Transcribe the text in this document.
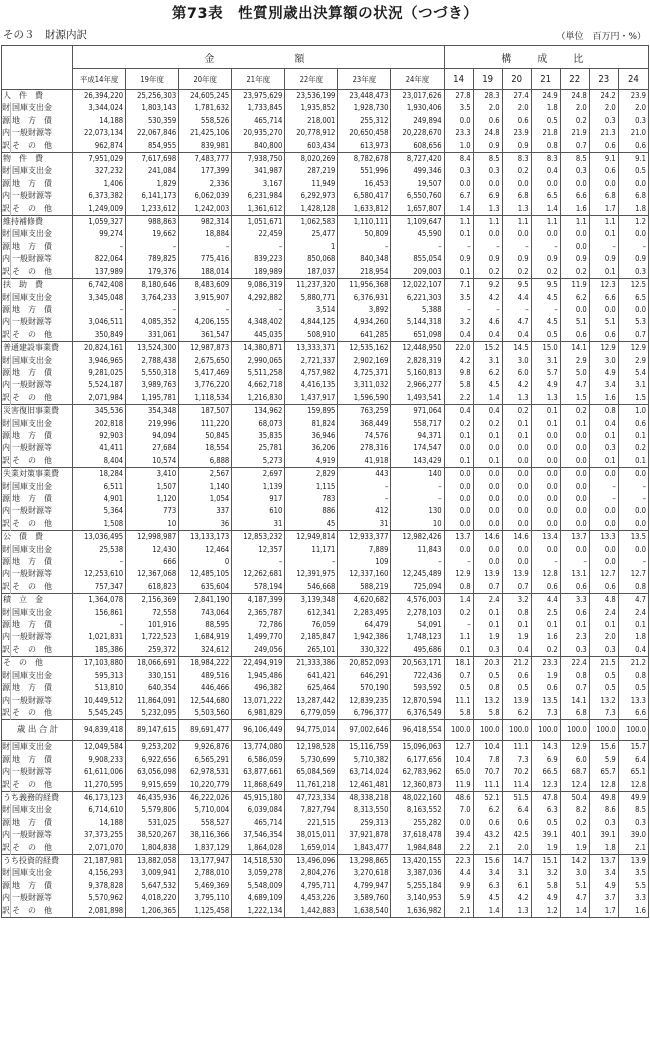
第73表　性質別歳出決算額の状況（つづき）
その３　財源内訳	（単位　百万円・%）
		金　　　　額							構　成　比						
		平成14年度	19年度	20年度	21年度	22年度	23年度	24年度	14	19	20	21	22	23	24
人　件　費		26,394,220	25,256,303	24,605,245	23,975,629	23,536,199	23,448,473	23,017,626	27.8	28.3	27.4	24.9	24.8	24.2	23.9
財	国庫支出金	3,344,024	1,803,143	1,781,632	1,733,845	1,935,852	1,928,730	1,930,406	3.5	2.0	2.0	1.8	2.0	2.0	2.0
源	地　方　債	14,188	530,359	558,526	465,714	218,001	255,312	249,894	0.0	0.6	0.6	0.5	0.2	0.3	0.3
内	一般財源等	22,073,134	22,067,846	21,425,106	20,935,270	20,778,912	20,650,458	20,228,670	23.3	24.8	23.9	21.8	21.9	21.3	21.0
訳	そ　の　他	962,874	854,955	839,981	840,800	603,434	613,973	608,656	1.0	0.9	0.9	0.8	0.7	0.6	0.6
物　件　費		7,951,029	7,617,698	7,483,777	7,938,750	8,020,269	8,782,678	8,727,420	8.4	8.5	8.3	8.3	8.5	9.1	9.1
財	国庫支出金	327,232	241,084	177,399	341,987	287,219	551,996	499,346	0.3	0.3	0.2	0.4	0.3	0.6	0.5
源	地　方　債	1,406	1,829	2,336	3,167	11,949	16,453	19,507	0.0	0.0	0.0	0.0	0.0	0.0	0.0
内	一般財源等	6,373,382	6,141,173	6,062,039	6,231,984	6,292,973	6,580,417	6,550,760	6.7	6.9	6.8	6.5	6.6	6.8	6.8
訳	そ　の　他	1,249,009	1,233,612	1,242,003	1,361,612	1,428,128	1,633,812	1,657,807	1.4	1.3	1.3	1.4	1.6	1.7	1.8
維持補修費		1,059,327	988,863	982,314	1,051,671	1,062,583	1,110,111	1,109,647	1.1	1.1	1.1	1.1	1.1	1.1	1.2
財	国庫支出金	99,274	19,662	18,884	22,459	25,477	50,809	45,590	0.1	0.0	0.0	0.0	0.0	0.1	0.0
源	地　方　債	–	–	–	–	1	–	–	–	–	–	–	0.0	–	–
内	一般財源等	822,064	789,825	775,416	839,223	850,068	840,348	855,054	0.9	0.9	0.9	0.9	0.9	0.9	0.9
訳	そ　の　他	137,989	179,376	188,014	189,989	187,037	218,954	209,003	0.1	0.2	0.2	0.2	0.2	0.1	0.3
扶　助　費		6,742,408	8,180,646	8,483,609	9,086,319	11,237,320	11,956,368	12,022,107	7.1	9.2	9.5	9.5	11.9	12.3	12.5
財	国庫支出金	3,345,048	3,764,233	3,915,907	4,292,882	5,880,771	6,376,931	6,221,303	3.5	4.2	4.4	4.5	6.2	6.6	6.5
源	地　方　債	–	–	–	–	3,514	3,892	5,388	–	–	–	–	0.0	0.0	0.0
内	一般財源等	3,046,511	4,085,352	4,206,155	4,348,402	4,844,125	4,934,260	5,144,318	3.2	4.6	4.7	4.5	5.1	5.1	5.3
訳	そ　の　他	350,849	331,061	361,547	445,035	508,910	641,285	651,098	0.4	0.4	0.4	0.5	0.6	0.6	0.7
普通建設事業費		20,824,161	13,524,300	12,987,873	14,380,871	13,333,371	12,535,162	12,448,950	22.0	15.2	14.5	15.0	14.1	12.9	12.9
財	国庫支出金	3,946,965	2,788,438	2,675,650	2,990,065	2,721,337	2,902,169	2,828,319	4.2	3.1	3.0	3.1	2.9	3.0	2.9
源	地　方　債	9,281,025	5,550,318	5,417,469	5,511,258	4,757,982	4,725,371	5,160,813	9.8	6.2	6.0	5.7	5.0	4.9	5.4
内	一般財源等	5,524,187	3,989,763	3,776,220	4,662,718	4,416,135	3,311,032	2,966,277	5.8	4.5	4.2	4.9	4.7	3.4	3.1
訳	そ　の　他	2,071,984	1,195,781	1,118,534	1,216,830	1,437,917	1,596,590	1,493,541	2.2	1.4	1.3	1.3	1.5	1.6	1.5
災害復旧事業費		345,536	354,348	187,507	134,962	159,895	763,259	971,064	0.4	0.4	0.2	0.1	0.2	0.8	1.0
財	国庫支出金	202,818	219,996	111,220	68,073	81,824	368,449	558,717	0.2	0.2	0.1	0.1	0.1	0.4	0.6
源	地　方　債	92,903	94,094	50,845	35,835	36,946	74,576	94,371	0.1	0.1	0.1	0.0	0.0	0.1	0.1
内	一般財源等	41,411	27,684	18,554	25,781	36,206	278,316	174,547	0.0	0.0	0.0	0.0	0.0	0.3	0.2
訳	そ　の　他	8,404	10,574	6,888	5,273	4,919	41,918	143,429	0.1	0.1	0.0	0.0	0.0	0.1	0.1
失業対策事業費		18,284	3,410	2,567	2,697	2,829	443	140	0.0	0.0	0.0	0.0	0.0	0.0	0.0
財	国庫支出金	6,511	1,507	1,140	1,139	1,115	–	–	0.0	0.0	0.0	0.0	0.0	–	–
源	地　方　債	4,901	1,120	1,054	917	783	–	–	0.0	0.0	0.0	0.0	0.0	–	–
内	一般財源等	5,364	773	337	610	886	412	130	0.0	0.0	0.0	0.0	0.0	0.0	0.0
訳	そ　の　他	1,508	10	36	31	45	31	10	0.0	0.0	0.0	0.0	0.0	0.0	0.0
公　債　費		13,036,495	12,998,987	13,133,173	12,853,232	12,949,814	12,933,377	12,982,426	13.7	14.6	14.6	13.4	13.7	13.3	13.5
財	国庫支出金	25,538	12,430	12,464	12,357	11,171	7,889	11,843	0.0	0.0	0.0	0.0	0.0	0.0	0.0
源	地　方　債	–	666	0	–	–	109	–	–	0.0	0.0	–	–	0.0	–
内	一般財源等	12,253,610	12,367,068	12,485,105	12,262,681	12,391,975	12,337,160	12,245,489	12.9	13.9	13.9	12.8	13.1	12.7	12.7
訳	そ　の　他	757,347	618,823	635,604	578,194	546,668	588,219	725,094	0.8	0.7	0.7	0.6	0.6	0.6	0.8
積　立　金		1,364,078	2,156,369	2,841,190	4,187,399	3,139,348	4,620,682	4,576,003	1.4	2.4	3.2	4.4	3.3	4.8	4.7
財	国庫支出金	156,861	72,558	743,064	2,365,787	612,341	2,283,495	2,278,103	0.2	0.1	0.8	2.5	0.6	2.4	2.4
源	地　方　債	–	101,916	88,595	72,786	76,059	64,479	54,091	–	0.1	0.1	0.1	0.1	0.1	0.1
内	一般財源等	1,021,831	1,722,523	1,684,919	1,499,770	2,185,847	1,942,386	1,748,123	1.1	1.9	1.9	1.6	2.3	2.0	1.8
訳	そ　の　他	185,386	259,372	324,612	249,056	265,101	330,322	495,686	0.1	0.3	0.4	0.2	0.3	0.3	0.4
そ　の　他		17,103,880	18,066,691	18,984,222	22,494,919	21,333,386	20,852,093	20,563,171	18.1	20.3	21.2	23.3	22.4	21.5	21.2
財	国庫支出金	595,313	330,151	489,516	1,945,486	641,421	646,291	722,436	0.7	0.5	0.6	1.9	0.8	0.5	0.8
源	地　方　債	513,810	640,354	446,466	496,382	625,464	570,190	593,592	0.5	0.8	0.5	0.6	0.7	0.5	0.5
内	一般財源等	10,449,512	11,864,091	12,544,680	13,071,222	13,287,442	12,839,235	12,870,594	11.1	13.2	13.9	13.5	14.1	13.2	13.3
訳	そ　の　他	5,545,245	5,232,095	5,503,560	6,981,829	6,779,059	6,796,377	6,376,549	5.8	5.8	6.2	7.3	6.8	7.3	6.6
歳 出 合 計		94,839,418	89,147,615	89,691,477	96,106,449	94,775,014	97,002,646	96,418,554	100.0	100.0	100.0	100.0	100.0	100.0	100.0
財	国庫支出金	12,049,584	9,253,202	9,926,876	13,774,080	12,198,528	15,116,759	15,096,063	12.7	10.4	11.1	14.3	12.9	15.6	15.7
源	地　方　債	9,908,233	6,922,656	6,565,291	6,586,059	5,730,699	5,710,382	6,177,656	10.4	7.8	7.3	6.9	6.0	5.9	6.4
内	一般財源等	61,611,006	63,056,098	62,978,531	63,877,661	65,084,569	63,714,024	62,783,962	65.0	70.7	70.2	66.5	68.7	65.7	65.1
訳	そ　の　他	11,270,595	9,915,659	10,220,779	11,868,649	11,761,218	12,461,481	12,360,873	11.9	11.1	11.4	12.3	12.4	12.8	12.8
うち義務的経費		46,173,123	46,435,936	46,222,026	45,915,180	47,723,334	48,338,218	48,022,160	48.6	52.1	51.5	47.8	50.4	49.8	49.9
財	国庫支出金	6,714,610	5,579,806	5,710,004	6,039,084	7,827,794	8,313,550	8,163,552	7.0	6.2	6.4	6.3	8.2	8.6	8.5
源	地　方　債	14,188	531,025	558,527	465,714	221,515	259,313	255,282	0.0	0.6	0.6	0.5	0.2	0.3	0.3
内	一般財源等	37,373,255	38,520,267	38,116,366	37,546,354	38,015,011	37,921,878	37,618,478	39.4	43.2	42.5	39.1	40.1	39.1	39.0
訳	そ　の　他	2,071,070	1,804,838	1,837,129	1,864,028	1,659,014	1,843,477	1,984,848	2.2	2.1	2.0	1.9	1.9	1.8	2.1
うち投資的経費		21,187,981	13,882,058	13,177,947	14,518,530	13,496,096	13,298,865	13,420,155	22.3	15.6	14.7	15.1	14.2	13.7	13.9
財	国庫支出金	4,156,293	3,009,941	2,788,010	3,059,278	2,804,276	3,270,618	3,387,036	4.4	3.4	3.1	3.2	3.0	3.4	3.5
源	地　方　債	9,378,828	5,647,532	5,469,369	5,548,009	4,795,711	4,799,947	5,255,184	9.9	6.3	6.1	5.8	5.1	4.9	5.5
内	一般財源等	5,570,962	4,018,220	3,795,110	4,689,109	4,453,226	3,589,760	3,140,953	5.9	4.5	4.2	4.9	4.7	3.7	3.3
訳	そ　の　他	2,081,898	1,206,365	1,125,458	1,222,134	1,442,883	1,638,540	1,636,982	2.1	1.4	1.3	1.2	1.4	1.7	1.6
